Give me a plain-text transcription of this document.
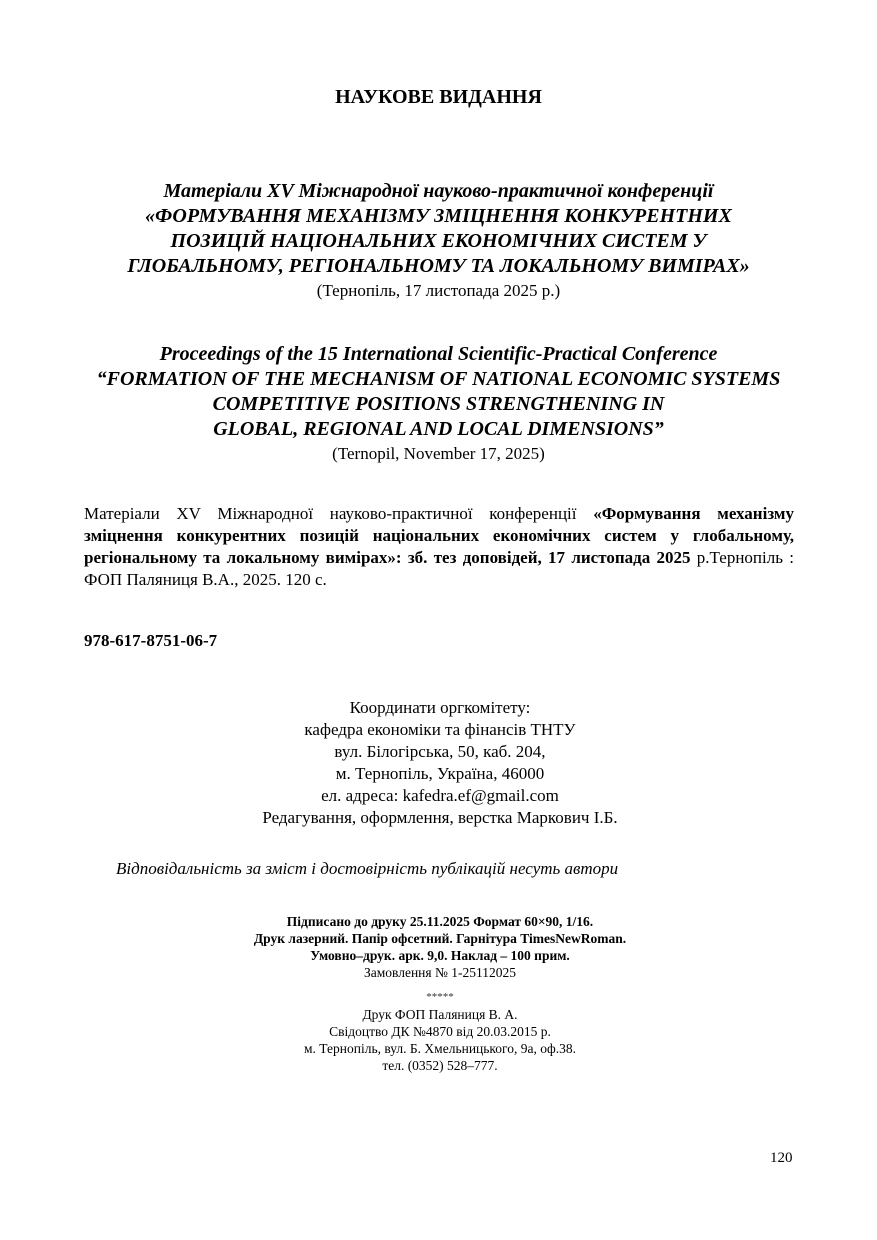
НАУКОВЕ ВИДАННЯ
Матеріали XV Міжнародної науково-практичної конференції
«ФОРМУВАННЯ МЕХАНІЗМУ ЗМІЦНЕННЯ КОНКУРЕНТНИХ
ПОЗИЦІЙ НАЦІОНАЛЬНИХ ЕКОНОМІЧНИХ СИСТЕМ У
ГЛОБАЛЬНОМУ, РЕГІОНАЛЬНОМУ ТА ЛОКАЛЬНОМУ ВИМІРАХ»
(Тернопіль, 17 листопада 2025 р.)
Proceedings of the 15 International Scientific-Practical Conference
“FORMATION OF THE MECHANISM OF NATIONAL ECONOMIC SYSTEMS
COMPETITIVE POSITIONS STRENGTHENING IN
GLOBAL, REGIONAL AND LOCAL DIMENSIONS”
(Ternopil, November 17, 2025)
Матеріали XV Міжнародної науково-практичної конференції «Формування механізму зміцнення конкурентних позицій національних економічних систем у глобальному, регіональному та локальному вимірах»: зб. тез доповідей, 17 листопада 2025 р.Тернопіль : ФОП Паляниця В.А., 2025. 120 с.
978-617-8751-06-7
Координати оргкомітету:
кафедра економіки та фінансів ТНТУ
вул. Білогірська, 50, каб. 204,
м. Тернопіль, Україна, 46000
ел. адреса: kafedra.ef@gmail.com
Редагування, оформлення, верстка Маркович І.Б.
Відповідальність за зміст і достовірність публікацій несуть автори
Підписано до друку 25.11.2025 Формат 60×90, 1/16.
Друк лазерний. Папір офсетний. Гарнітура TimesNewRoman.
Умовно–друк. арк. 9,0. Наклад – 100 прим.
Замовлення № 1-25112025
*****
Друк ФОП Паляниця В. А.
Свідоцтво ДК №4870 від 20.03.2015 р.
м. Тернопіль, вул. Б. Хмельницького, 9а, оф.38.
тел. (0352) 528–777.
120
